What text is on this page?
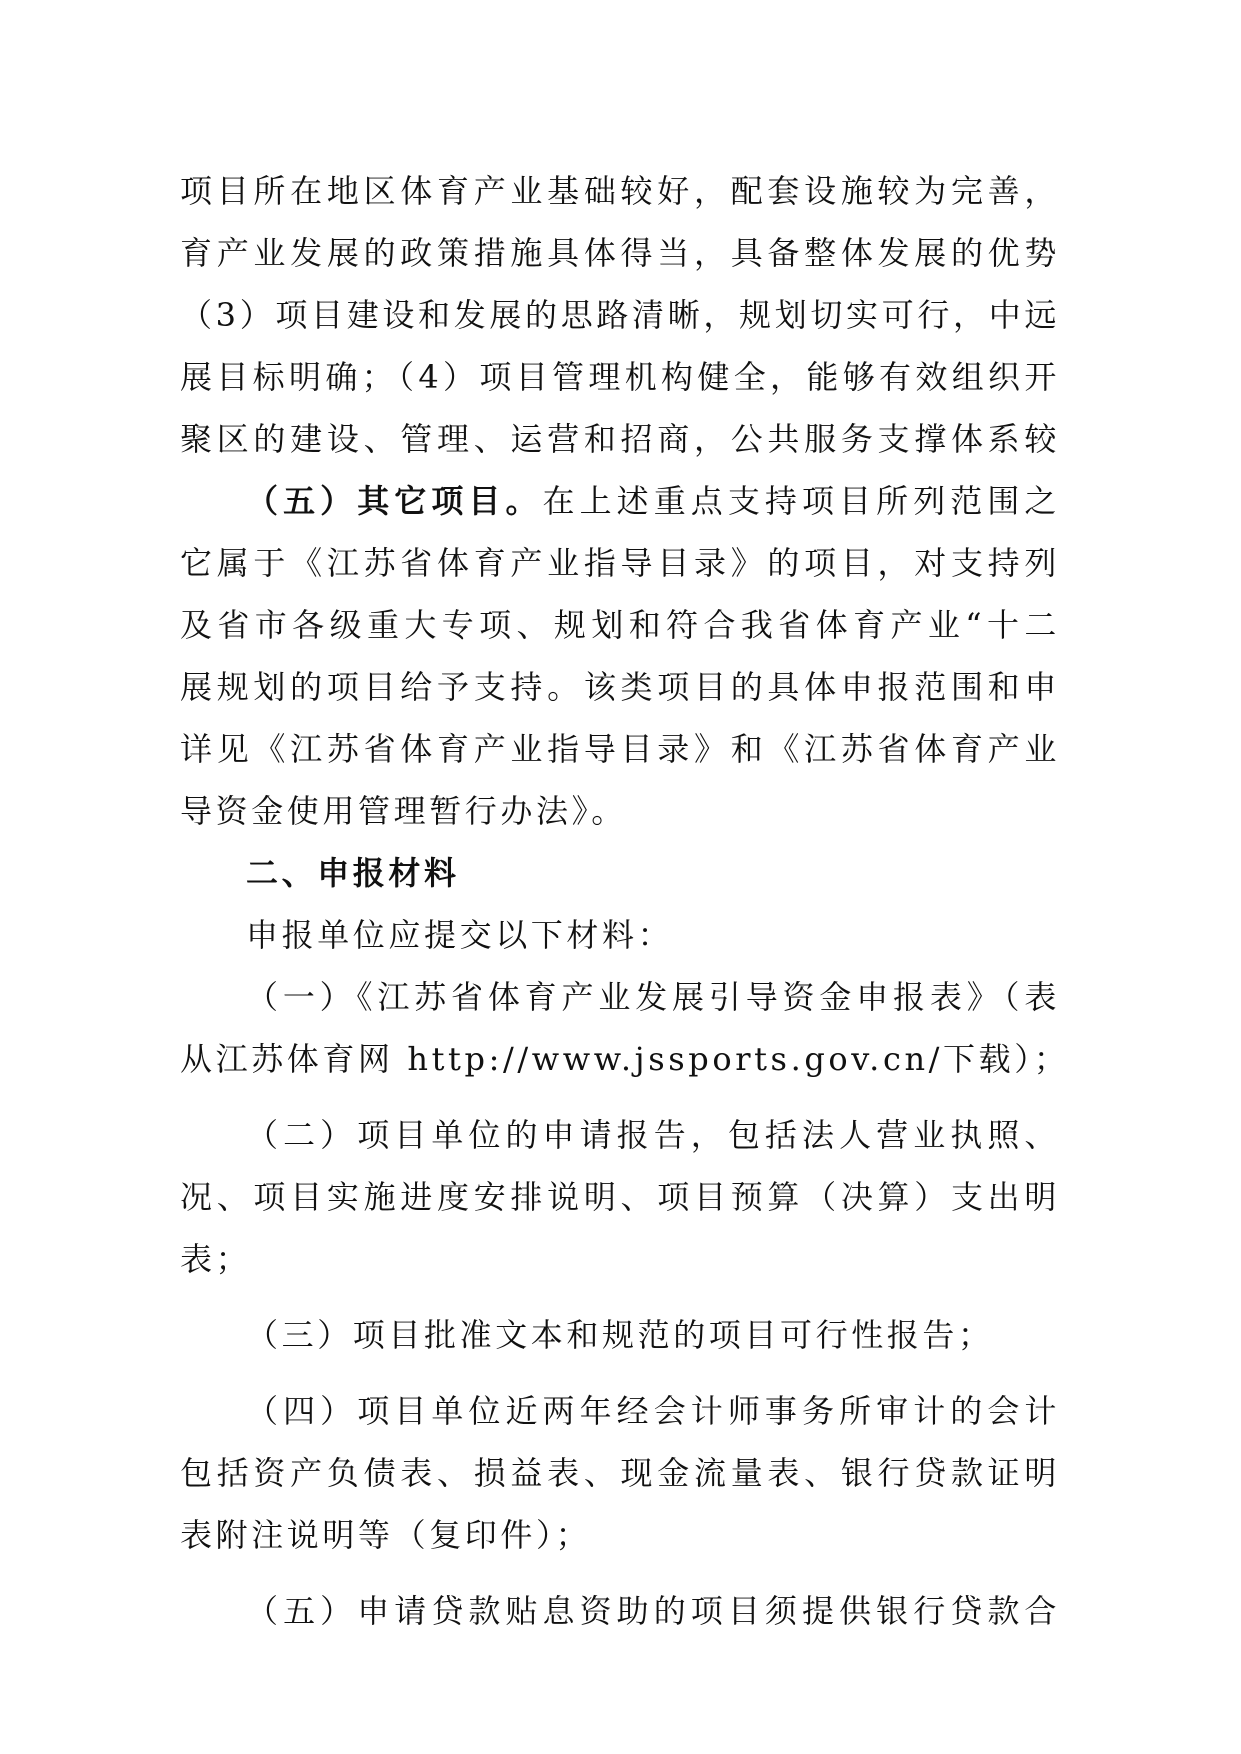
项目所在地区体育产业基础较好，配套设施较为完善，
育产业发展的政策措施具体得当，具备整体发展的优势
（3）项目建设和发展的思路清晰，规划切实可行，中远
展目标明确；（4）项目管理机构健全，能够有效组织开
聚区的建设、管理、运营和招商，公共服务支撑体系较
（五）其它项目。在上述重点支持项目所列范围之
它属于《江苏省体育产业指导目录》的项目，对支持列
及省市各级重大专项、规划和符合我省体育产业“十二
展规划的项目给予支持。该类项目的具体申报范围和申
详见《江苏省体育产业指导目录》和《江苏省体育产业
导资金使用管理暂行办法》。
二、申报材料
申报单位应提交以下材料：
（一）《江苏省体育产业发展引导资金申报表》（表
从江苏体育网 http://www.jssports.gov.cn/下载）；
（二）项目单位的申请报告，包括法人营业执照、
况、项目实施进度安排说明、项目预算（决算）支出明
表；
（三）项目批准文本和规范的项目可行性报告；
（四）项目单位近两年经会计师事务所审计的会计
包括资产负债表、损益表、现金流量表、银行贷款证明
表附注说明等（复印件）；
（五）申请贷款贴息资助的项目须提供银行贷款合
